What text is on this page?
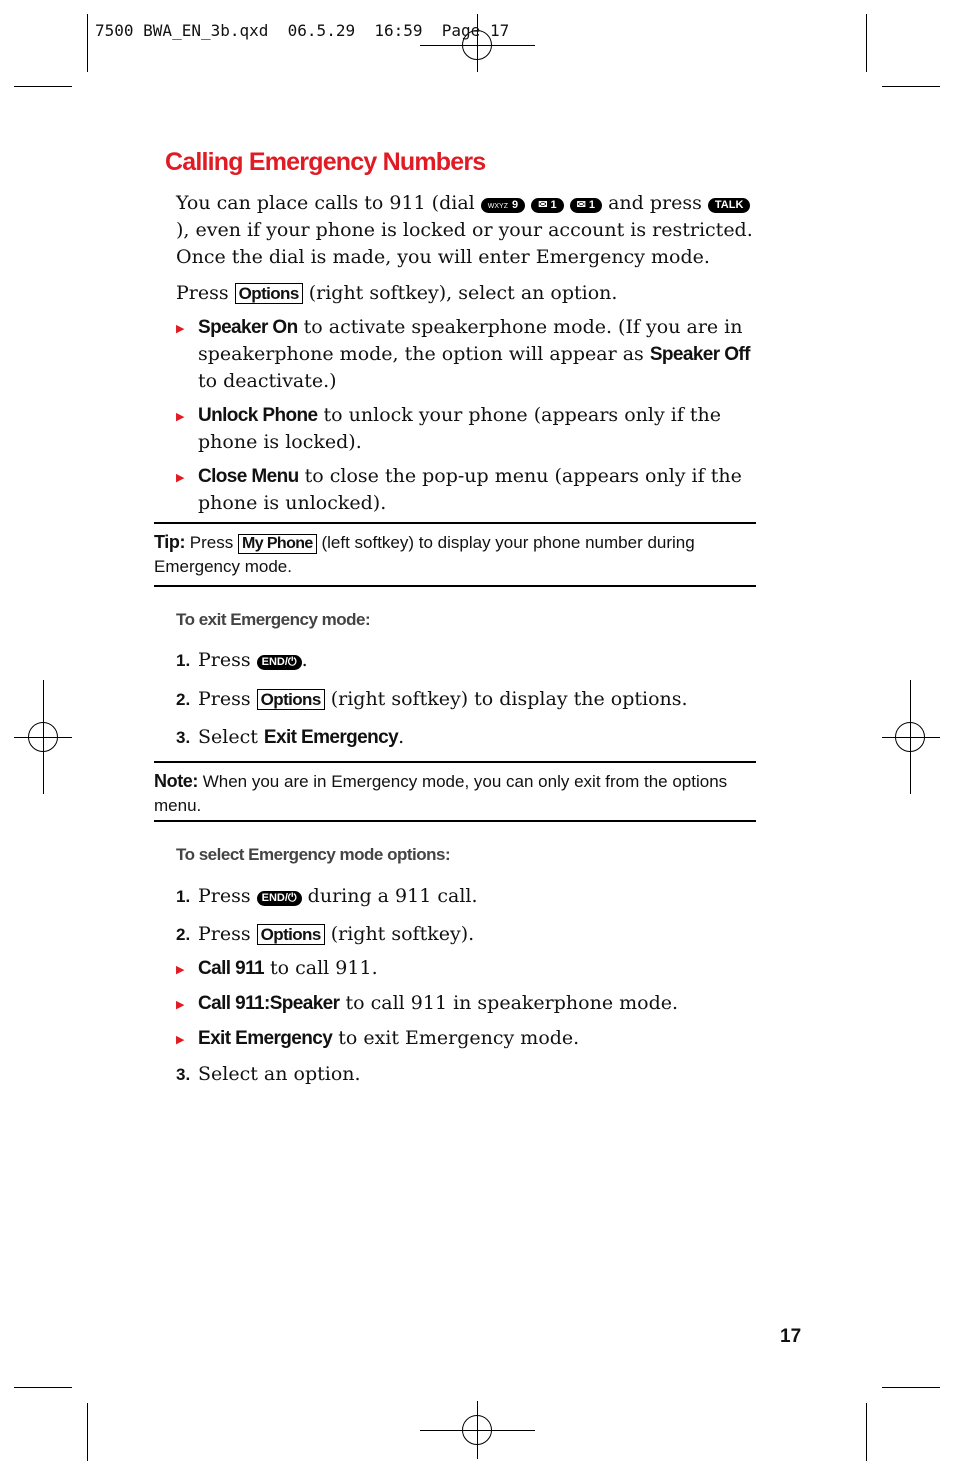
7500 BWA_EN_3b.qxd  06.5.29  16:59  Page 17
Calling Emergency Numbers

You can place calls to 911 (dial WXYZ 9 ✉ 1 ✉ 1 and press TALK), even if your phone is locked or your account is restricted. Once the dial is made, you will enter Emergency mode.

Press Options (right softkey), select an option.

▶ Speaker On to activate speakerphone mode. (If you are in speakerphone mode, the option will appear as Speaker Off to deactivate.)
▶ Unlock Phone to unlock your phone (appears only if the phone is locked).
▶ Close Menu to close the pop-up menu (appears only if the phone is unlocked).
Tip: Press My Phone (left softkey) to display your phone number during Emergency mode.
To exit Emergency mode:
1. Press END/⏻ .
2. Press Options (right softkey) to display the options.
3. Select Exit Emergency.
Note: When you are in Emergency mode, you can only exit from the options menu.
To select Emergency mode options:
1. Press END/⏻ during a 911 call.
2. Press Options (right softkey).
▶ Call 911 to call 911.
▶ Call 911:Speaker to call 911 in speakerphone mode.
▶ Exit Emergency to exit Emergency mode.
3. Select an option.
17
